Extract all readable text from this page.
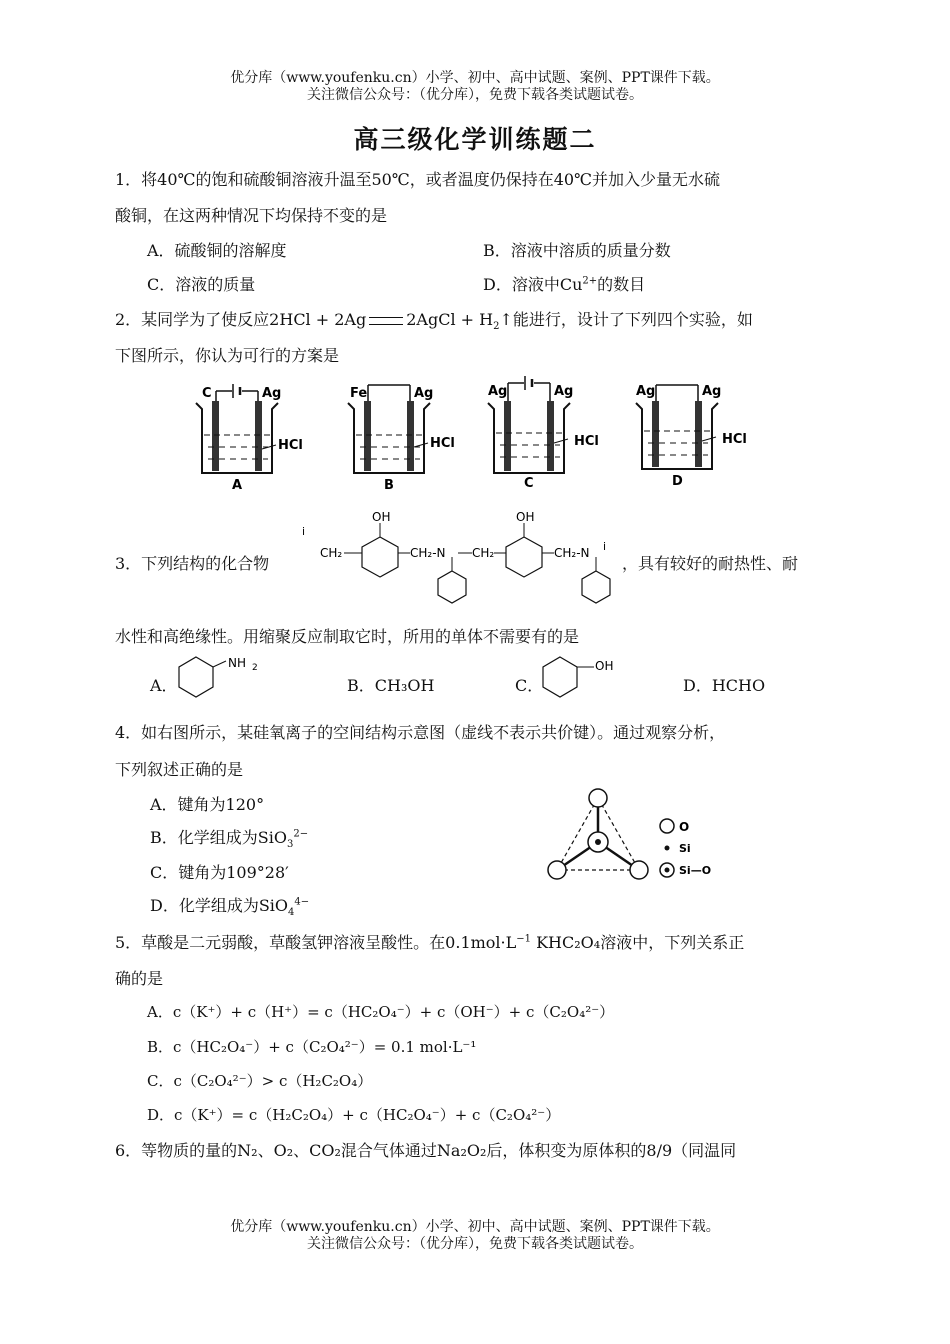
优分库（www.youfenku.cn）小学、初中、高中试题、案例、PPT课件下载。
关注微信公众号：（优分库），免费下载各类试题试卷。
高三级化学训练题二
1．将40℃的饱和硫酸铜溶液升温至50℃，或者温度仍保持在40℃并加入少量无水硫
酸铜，在这两种情况下均保持不变的是
A．硫酸铜的溶解度	B．溶液中溶质的质量分数
C．溶液的质量	D．溶液中$Cu^{2+}$的数目
2．某同学为了使反应2HCl + 2Ag	2AgCl + $H_2↑$能进行，设计了下列四个实验，如
下图所示，你认为可行的方案是
C	Ag
HCl
A
Fe	Ag
HCl
B
Ag	Ag
HCl
C
Ag	Ag
HCl
D
3．下列结构的化合物
i
CH₂
OH
CH₂-N CH₂
OH
CH₂-N i
，具有较好的耐热性、耐
水性和高绝缘性。用缩聚反应制取它时，所用的单体不需要有的是
A．
NH 2
B．CH₃OH	C．
OH
D．HCHO
4．如右图所示，某硅氧离子的空间结构示意图（虚线不表示共价键）。通过观察分析，
下列叙述正确的是
A．键角为120°
B．化学组成为SiO$_3^{2-}$
C．键角为109°28′
D．化学组成为SiO$_4^{4-}$
O
Si
Si—O
5．草酸是二元弱酸，草酸氢钾溶液呈酸性。在$0.1mol\cdot L^{-1}$ KHC₂O₄溶液中，下列关系正
确的是
A．c（K⁺）+ c（H⁺）= c（HC₂O₄⁻）+ c（OH⁻）+ c（C₂O₄²⁻）
B．c（HC₂O₄⁻）+ c（C₂O₄²⁻）= 0.1 mol·L⁻¹
C．c（C₂O₄²⁻）> c（H₂C₂O₄）
D．c（K⁺）= c（H₂C₂O₄）+ c（HC₂O₄⁻）+ c（C₂O₄²⁻）
6．等物质的量的N₂、O₂、CO₂混合气体通过Na₂O₂后，体积变为原体积的8/9（同温同
优分库（www.youfenku.cn）小学、初中、高中试题、案例、PPT课件下载。
关注微信公众号：（优分库），免费下载各类试题试卷。
